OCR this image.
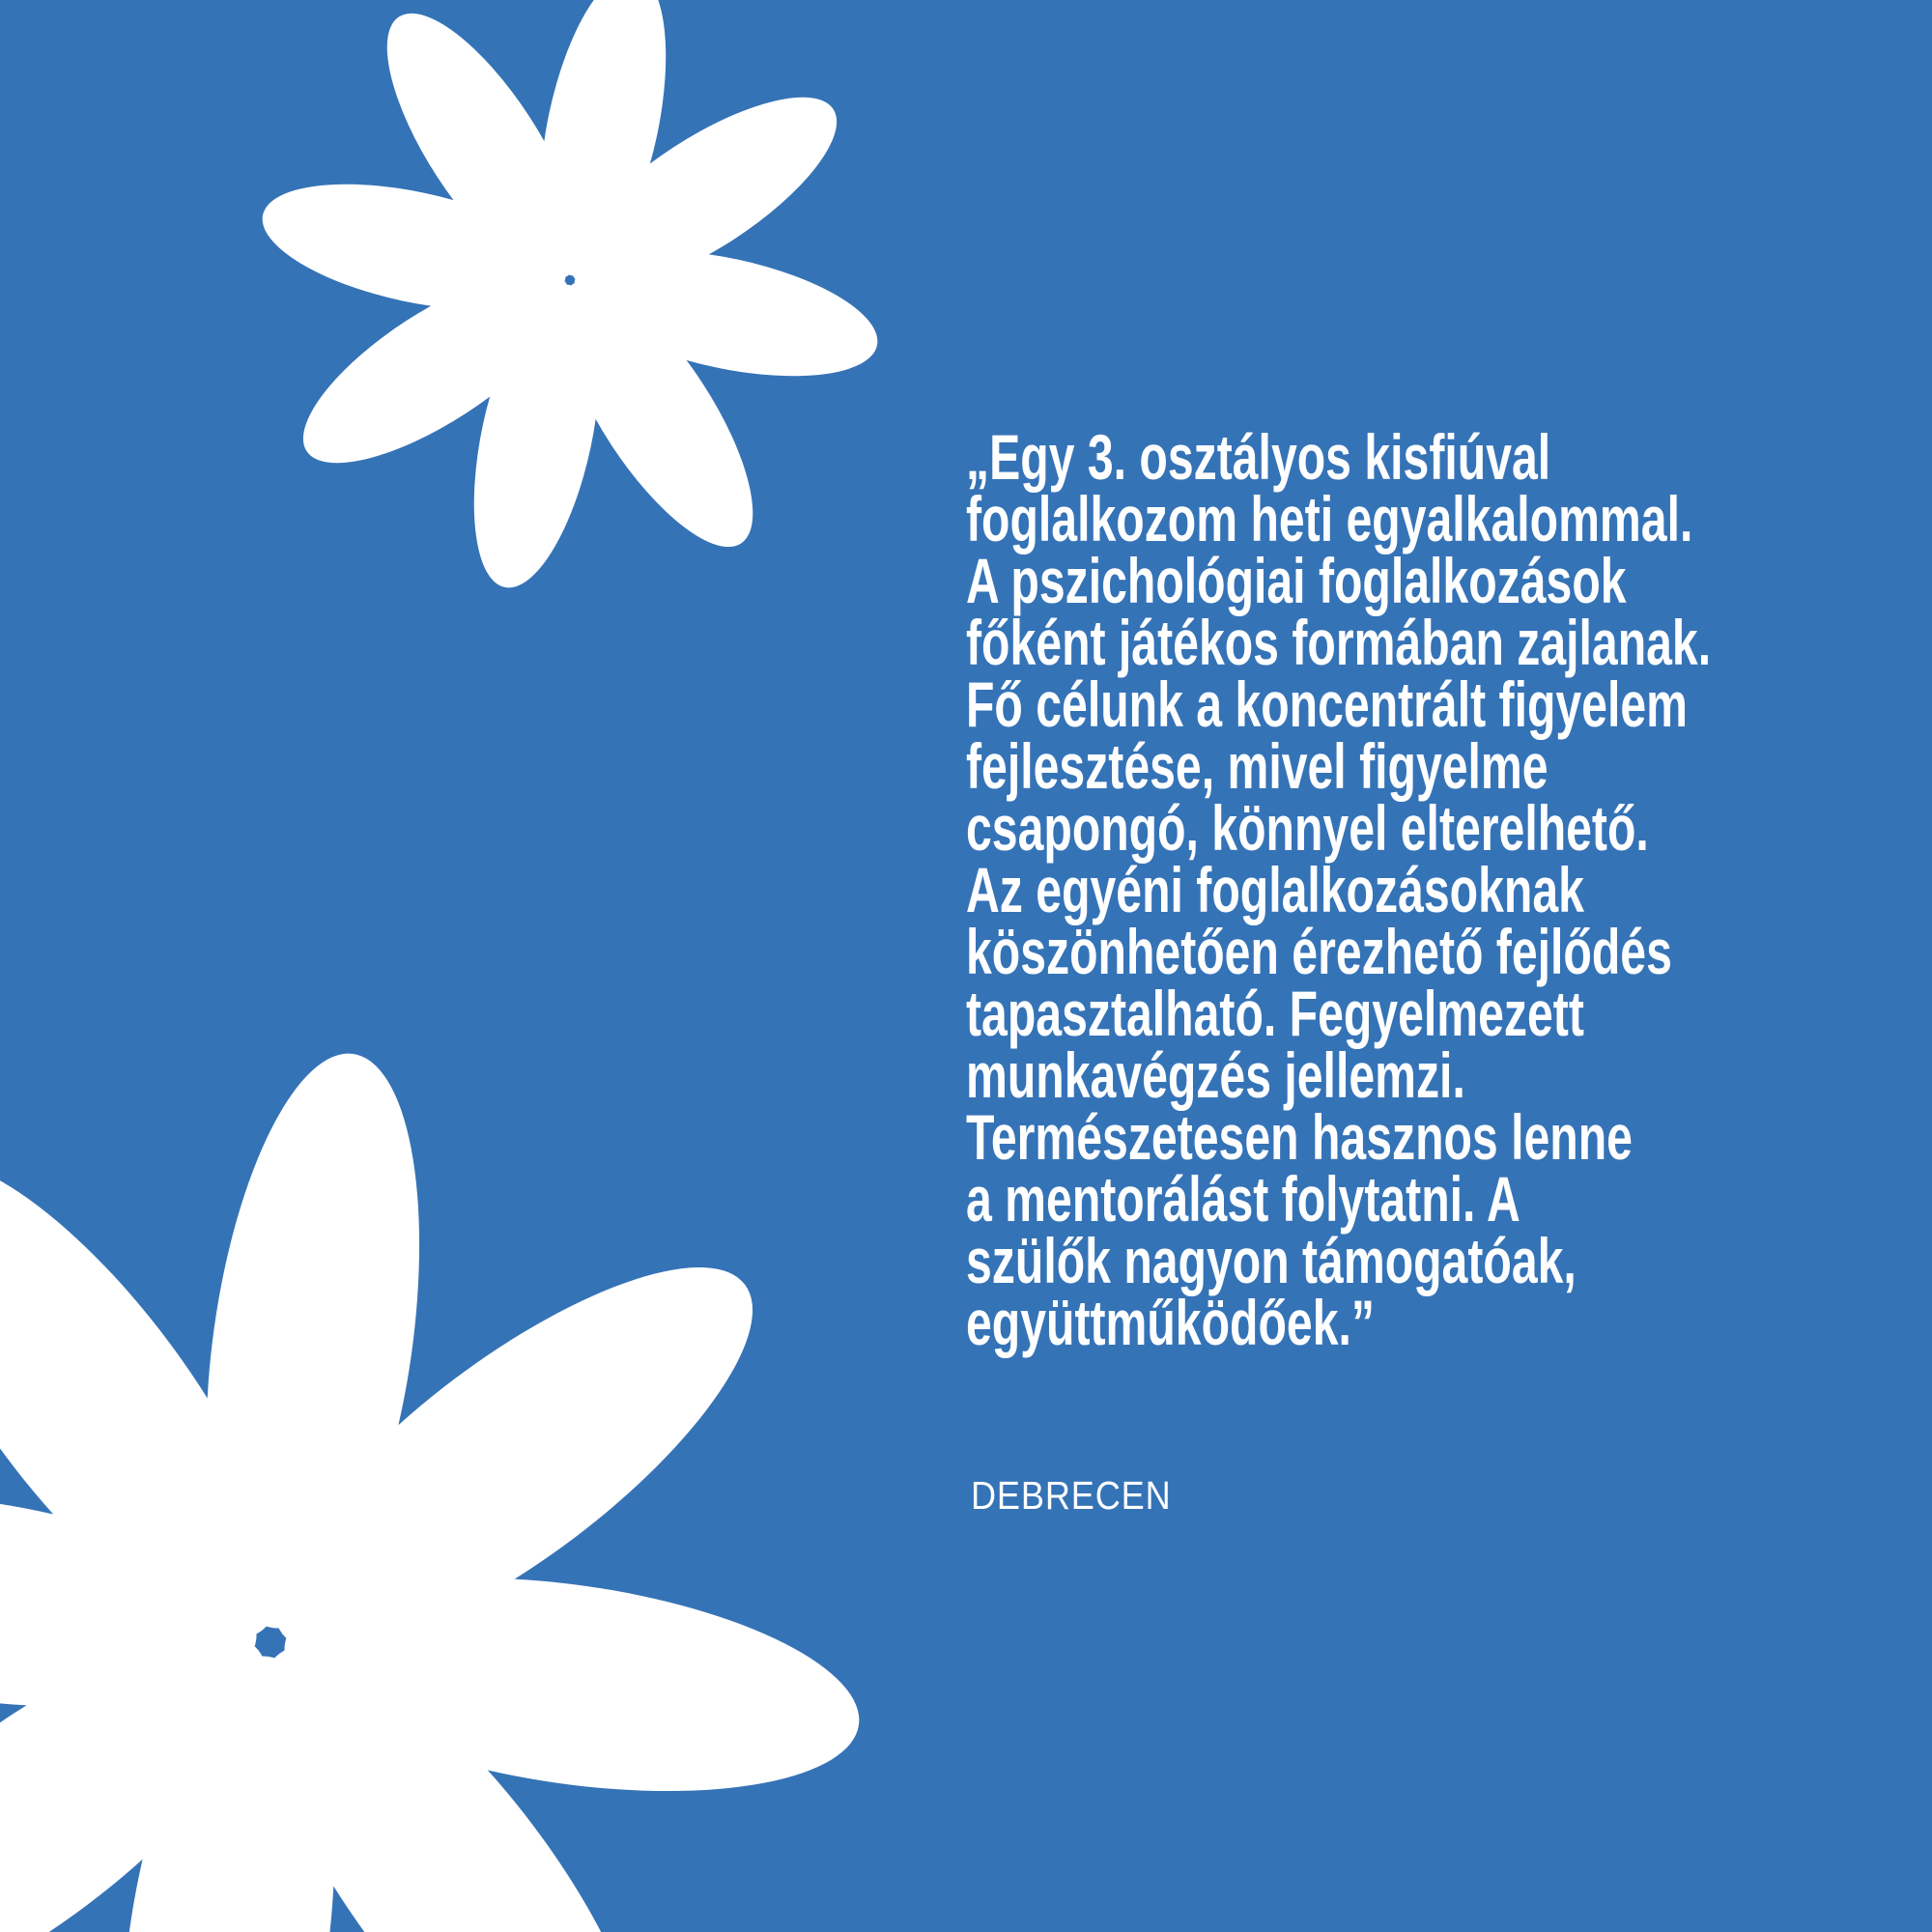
„Egy 3. osztályos kisfiúval
foglalkozom heti egyalkalommal.
A pszichológiai foglalkozások
főként játékos formában zajlanak.
Fő célunk a koncentrált figyelem
fejlesztése, mivel figyelme
csapongó, könnyel elterelhető.
Az egyéni foglalkozásoknak
köszönhetően érezhető fejlődés
tapasztalható. Fegyelmezett
munkavégzés jellemzi.
Természetesen hasznos lenne
a mentorálást folytatni. A
szülők nagyon támogatóak,
együttműködőek.”
DEBRECEN
